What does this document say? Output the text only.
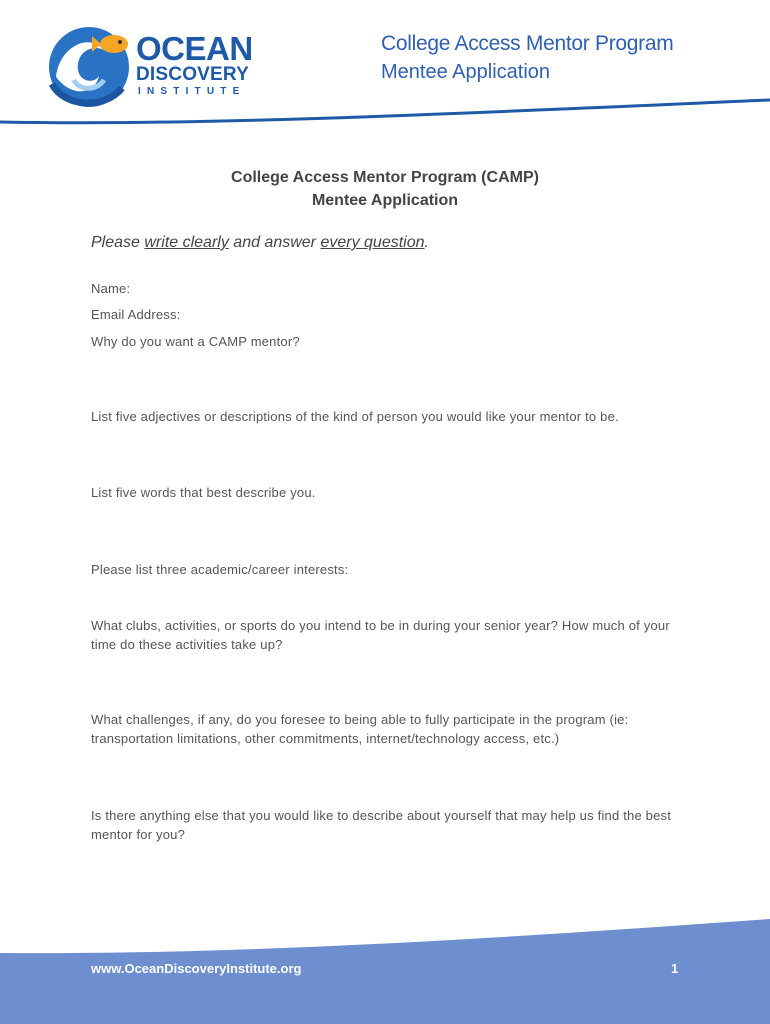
OCEAN
DISCOVERY
INSTITUTE
College Access Mentor Program
Mentee Application
College Access Mentor Program (CAMP)
Mentee Application
Please write clearly and answer every question.
Name:
Email Address:
Why do you want a CAMP mentor?
List five adjectives or descriptions of the kind of person you would like your mentor to be.
List five words that best describe you.
Please list three academic/career interests:
What clubs, activities, or sports do you intend to be in during your senior year? How much of your time do these activities take up?
What challenges, if any, do you foresee to being able to fully participate in the program (ie: transportation limitations, other commitments, internet/technology access, etc.)
Is there anything else that you would like to describe about yourself that may help us find the best mentor for you?
www.OceanDiscoveryInstitute.org	1
